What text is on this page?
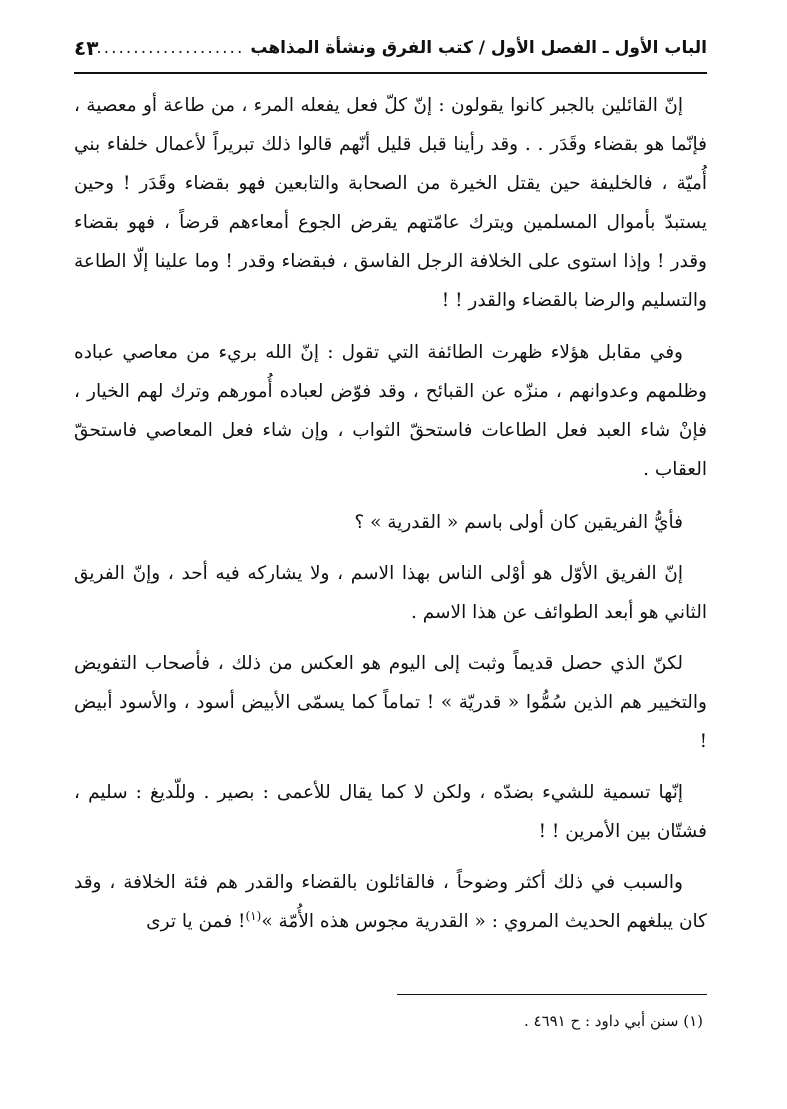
الباب الأول ـ الفصل الأول / كتب الفرق ونشأة المذاهب
.....
٤٣

إنّ القائلين بالجبر كانوا يقولون : إنّ كلّ فعل يفعله المرء ، من طاعة أو معصية ، فإنّما هو بقضاء وقَدَر . . وقد رأينا قبل قليل أنّهم قالوا ذلك تبريراً لأعمال خلفاء بني أُميّة ، فالخليفة حين يقتل الخيرة من الصحابة والتابعين فهو بقضاء وقَدَر ! وحين يستبدّ بأموال المسلمين ويترك عامّتهم يقرض الجوع أمعاءهم قرضاً ، فهو بقضاء وقدر ! وإذا استوى على الخلافة الرجل الفاسق ، فبقضاء وقدر ! وما علينا إلّا الطاعة والتسليم والرضا بالقضاء والقدر ! !

وفي مقابل هؤلاء ظهرت الطائفة التي تقول : إنّ الله بريء من معاصي عباده وظلمهم وعدوانهم ، منزّه عن القبائح ، وقد فوّض لعباده أُمورهم وترك لهم الخيار ، فإنْ شاء العبد فعل الطاعات فاستحقّ الثواب ، وإن شاء فعل المعاصي فاستحقّ العقاب .

فأيُّ الفريقين كان أولى باسم « القدرية » ؟

إنّ الفريق الأوّل هو أوْلى الناس بهذا الاسم ، ولا يشاركه فيه أحد ، وإنّ الفريق الثاني هو أبعد الطوائف عن هذا الاسم .

لكنّ الذي حصل قديماً وثبت إلى اليوم هو العكس من ذلك ، فأصحاب التفويض والتخيير هم الذين سُمُّوا « قدريّة » ! تماماً كما يسمّى الأبيض أسود ، والأسود أبيض !

إنّها تسمية للشيء بضدّه ، ولكن لا كما يقال للأعمى : بصير . وللّديغ : سليم ، فشتّان بين الأمرين ! !

والسبب في ذلك أكثر وضوحاً ، فالقائلون بالقضاء والقدر هم فئة الخلافة ، وقد كان يبلغهم الحديث المروي : « القدرية مجوس هذه الأُمّة »$^{(١)}$! فمن يا ترى

(١) سنن أبي داود : ح ٤٦٩١ .
